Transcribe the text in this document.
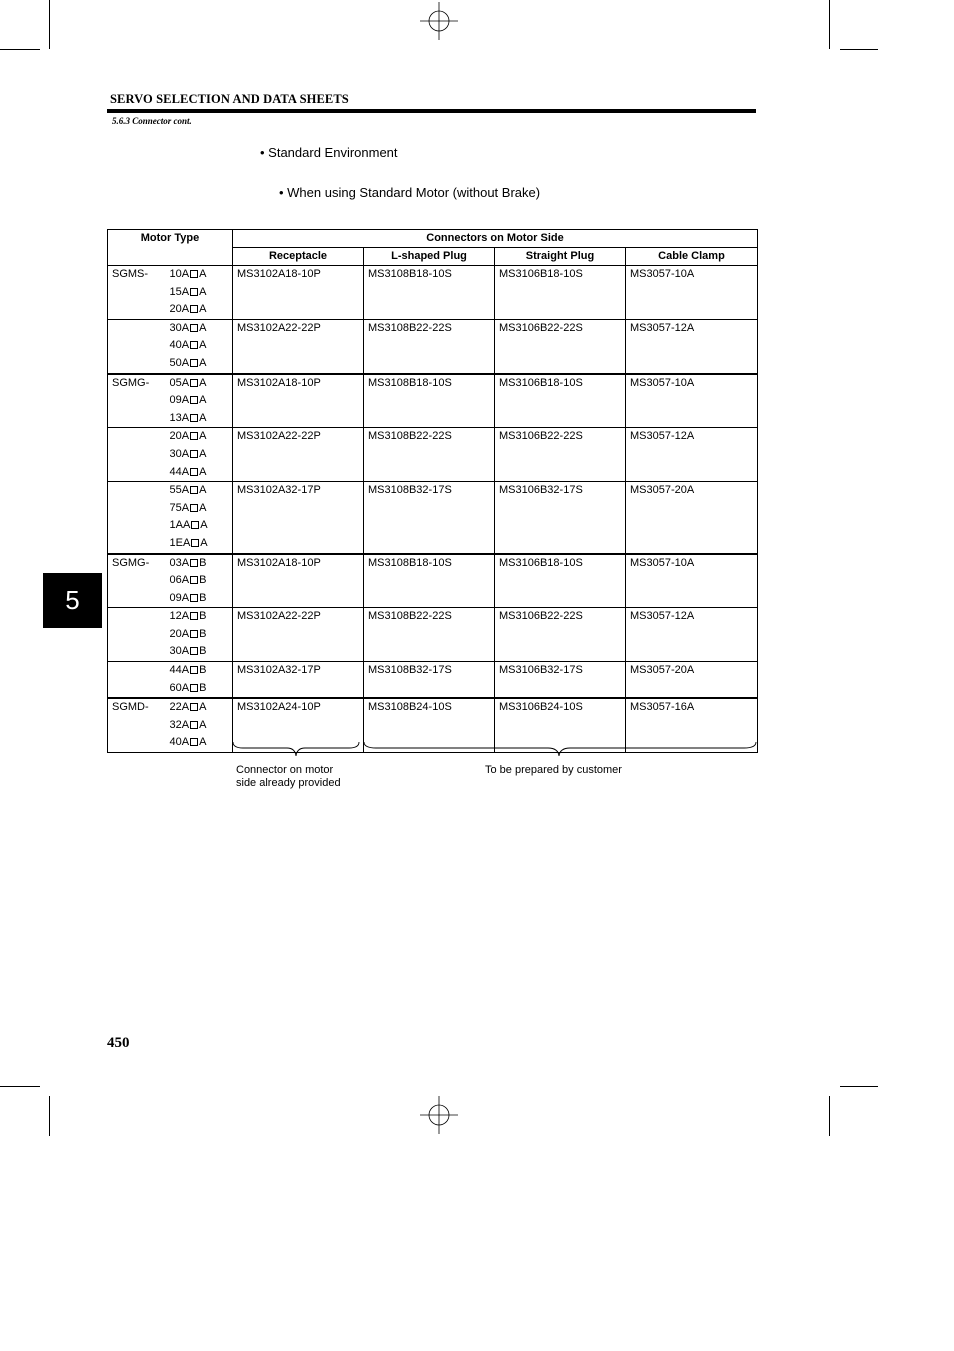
SERVO SELECTION AND DATA SHEETS
5.6.3 Connector cont.
• Standard Environment
• When using Standard Motor (without Brake)
Motor Type		Connectors on Motor Side			
		Receptacle	L-shaped Plug	Straight Plug	Cable Clamp
SGMS-	10A A
15A A
20A A	MS3102A18-10P	MS3108B18-10S	MS3106B18-10S	MS3057-10A

	30A A
40A A
50A A	MS3102A22-22P	MS3108B22-22S	MS3106B22-22S	MS3057-12A
SGMG-	05A A
09A A
13A A	MS3102A18-10P	MS3108B18-10S	MS3106B18-10S	MS3057-10A

	20A A
30A A
44A A	MS3102A22-22P	MS3108B22-22S	MS3106B22-22S	MS3057-12A

	55A A
75A A
1AA A
1EA A	MS3102A32-17P	MS3108B32-17S	MS3106B32-17S	MS3057-20A
SGMG-	03A B
06A B
09A B	MS3102A18-10P	MS3108B18-10S	MS3106B18-10S	MS3057-10A

	12A B
20A B
30A B	MS3102A22-22P	MS3108B22-22S	MS3106B22-22S	MS3057-12A

	44A B
60A B	MS3102A32-17P	MS3108B32-17S	MS3106B32-17S	MS3057-20A
SGMD-	22A A
32A A
40A A	MS3102A24-10P	MS3108B24-10S	MS3106B24-10S	MS3057-16A
Connector on motor
side already provided
To be prepared by customer
5
450
